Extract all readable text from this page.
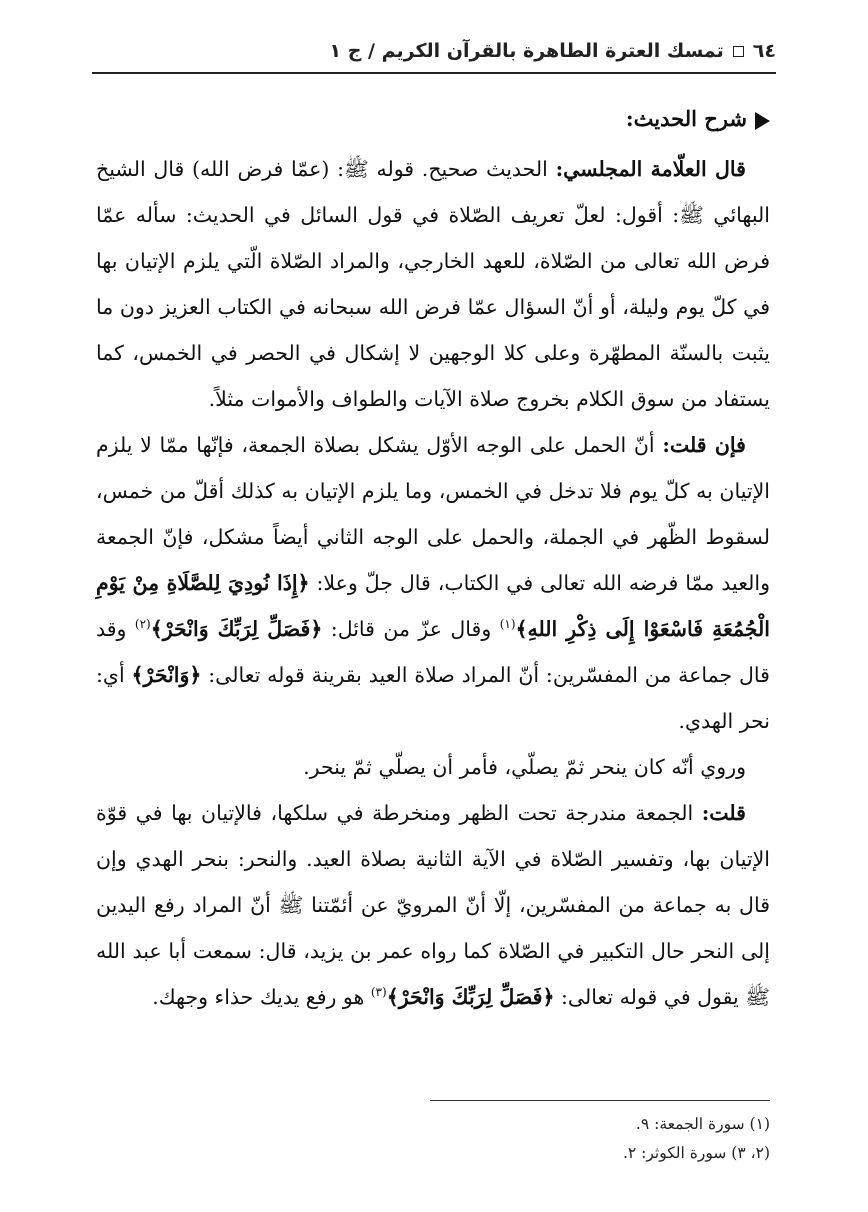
٦٤
تمسك العترة الطاهرة بالقرآن الكريم / ج ١
شرح الحديث:

قال العلّامة المجلسي: الحديث صحيح. قوله ﷺ: (عمّا فرض الله) قال الشيخ البهائي ﷺ: أقول: لعلّ تعريف الصّلاة في قول السائل في الحديث: سأله عمّا فرض الله تعالى من الصّلاة، للعهد الخارجي، والمراد الصّلاة الّتي يلزم الإتيان بها في كلّ يوم وليلة، أو أنّ السؤال عمّا فرض الله سبحانه في الكتاب العزيز دون ما يثبت بالسنّة المطهّرة وعلى كلا الوجهين لا إشكال في الحصر في الخمس، كما يستفاد من سوق الكلام بخروج صلاة الآيات والطواف والأموات مثلاً.

فإن قلت: أنّ الحمل على الوجه الأوّل يشكل بصلاة الجمعة، فإنّها ممّا لا يلزم الإتيان به كلّ يوم فلا تدخل في الخمس، وما يلزم الإتيان به كذلك أقلّ من خمس، لسقوط الظّهر في الجملة، والحمل على الوجه الثاني أيضاً مشكل، فإنّ الجمعة والعيد ممّا فرضه الله تعالى في الكتاب، قال جلّ وعلا: ﴿إِذَا نُودِيَ لِلصَّلَاةِ مِنْ يَوْمِ الْجُمُعَةِ فَاسْعَوْا إِلَى ذِكْرِ اللهِ﴾$^{(١)}$ وقال عزّ من قائل: ﴿فَصَلِّ لِرَبِّكَ وَانْحَرْ﴾$^{(٢)}$ وقد قال جماعة من المفسّرين: أنّ المراد صلاة العيد بقرينة قوله تعالى: ﴿وَانْحَرْ﴾ أي: نحر الهدي.

وروي أنّه كان ينحر ثمّ يصلّي، فأمر أن يصلّي ثمّ ينحر.

قلت: الجمعة مندرجة تحت الظهر ومنخرطة في سلكها، فالإتيان بها في قوّة الإتيان بها، وتفسير الصّلاة في الآية الثانية بصلاة العيد. والنحر: بنحر الهدي وإن قال به جماعة من المفسّرين، إلّا أنّ المرويّ عن أئمّتنا ﷺ أنّ المراد رفع اليدين إلى النحر حال التكبير في الصّلاة كما رواه عمر بن يزيد، قال: سمعت أبا عبد الله ﷺ يقول في قوله تعالى: ﴿فَصَلِّ لِرَبِّكَ وَانْحَرْ﴾$^{(٣)}$ هو رفع يديك حذاء وجهك.

(١) سورة الجمعة: ٩.
(٢، ٣) سورة الكوثر: ٢.
